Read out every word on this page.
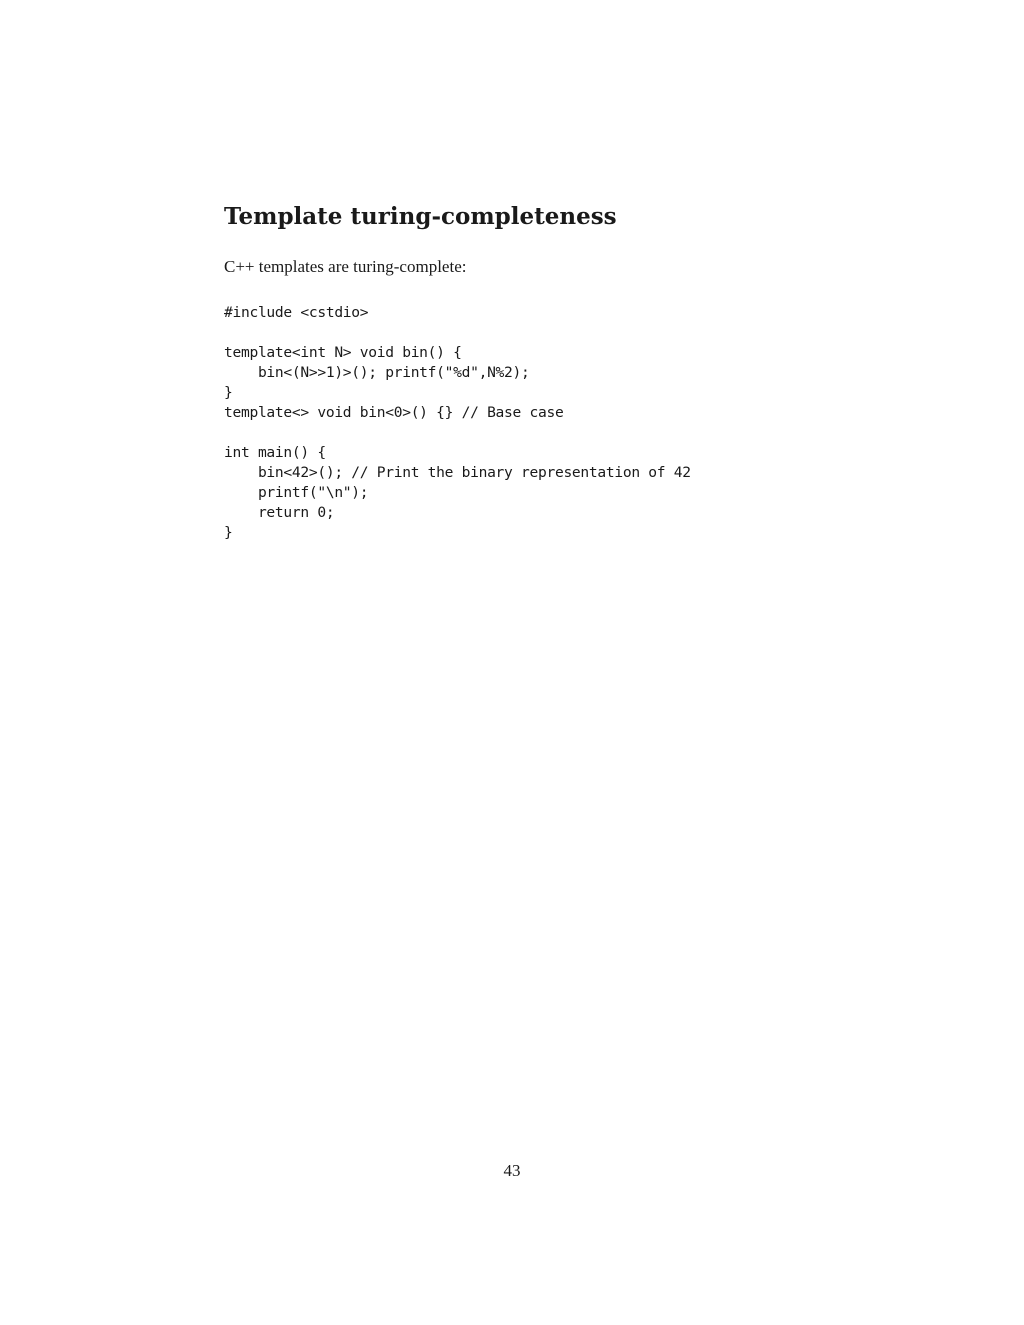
Template turing-completeness

C++ templates are turing-complete:

#include <cstdio>
template<int N> void bin() {
bin<(N>>1)>(); printf("%d",N%2);
}
template<> void bin<0>() {} // Base case
int main() {
bin<42>(); // Print the binary representation of 42
printf("\n");
return 0;
}
43
